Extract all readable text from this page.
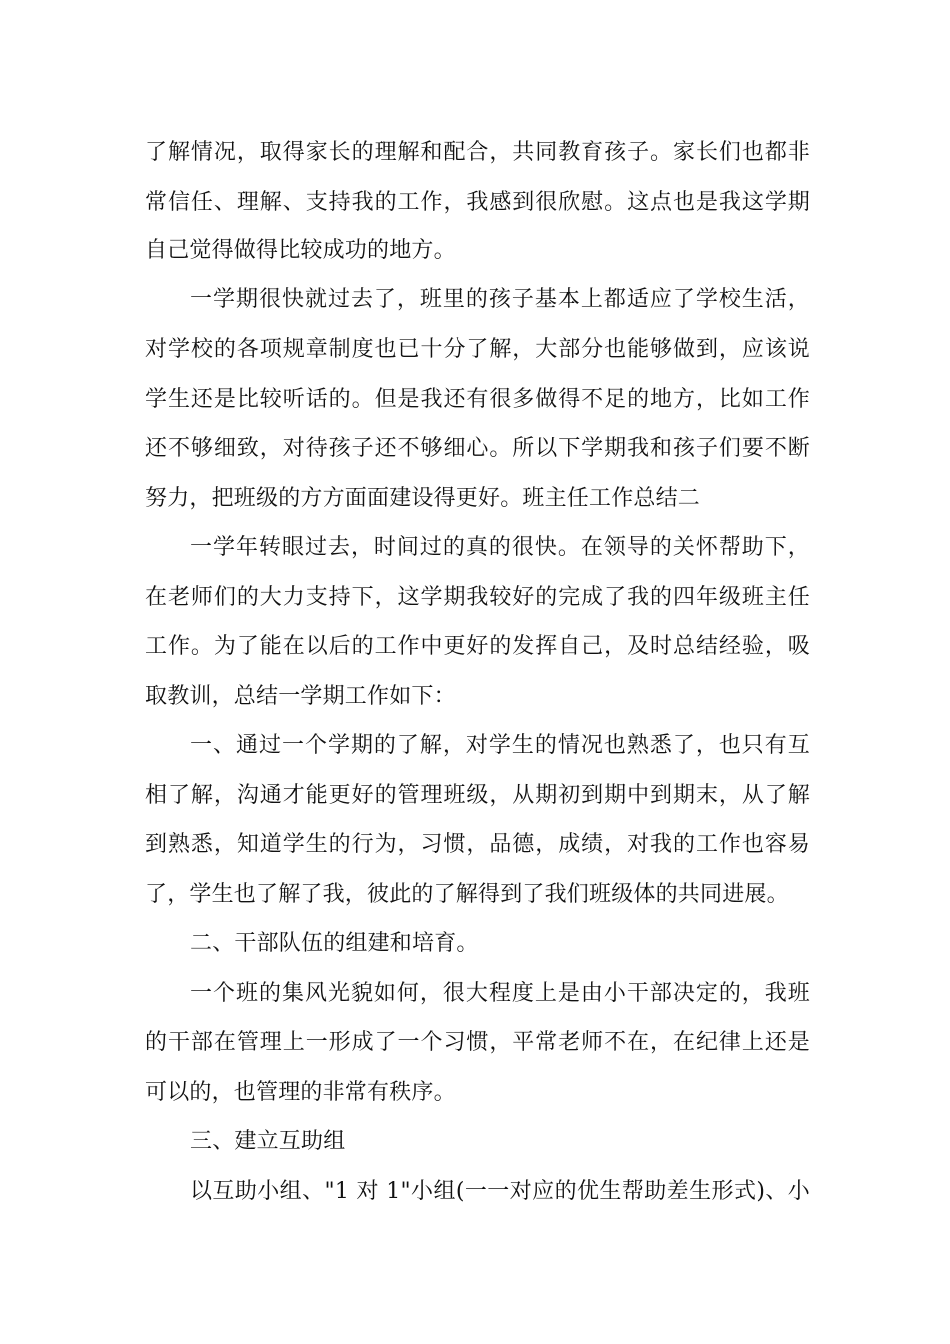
了解情况，取得家长的理解和配合，共同教育孩子。家长们也都非
常信任、理解、支持我的工作，我感到很欣慰。这点也是我这学期
自己觉得做得比较成功的地方。
一学期很快就过去了，班里的孩子基本上都适应了学校生活，
对学校的各项规章制度也已十分了解，大部分也能够做到，应该说
学生还是比较听话的。但是我还有很多做得不足的地方，比如工作
还不够细致，对待孩子还不够细心。所以下学期我和孩子们要不断
努力，把班级的方方面面建设得更好。班主任工作总结二
一学年转眼过去，时间过的真的很快。在领导的关怀帮助下，
在老师们的大力支持下，这学期我较好的完成了我的四年级班主任
工作。为了能在以后的工作中更好的发挥自己，及时总结经验，吸
取教训，总结一学期工作如下：
一、通过一个学期的了解，对学生的情况也熟悉了，也只有互
相了解，沟通才能更好的管理班级，从期初到期中到期末，从了解
到熟悉，知道学生的行为，习惯，品德，成绩，对我的工作也容易
了，学生也了解了我，彼此的了解得到了我们班级体的共同进展。
二、干部队伍的组建和培育。
一个班的集风光貌如何，很大程度上是由小干部决定的，我班
的干部在管理上一形成了一个习惯，平常老师不在，在纪律上还是
可以的，也管理的非常有秩序。
三、建立互助组
以互助小组、"1 对 1"小组(一一对应的优生帮助差生形式)、小
